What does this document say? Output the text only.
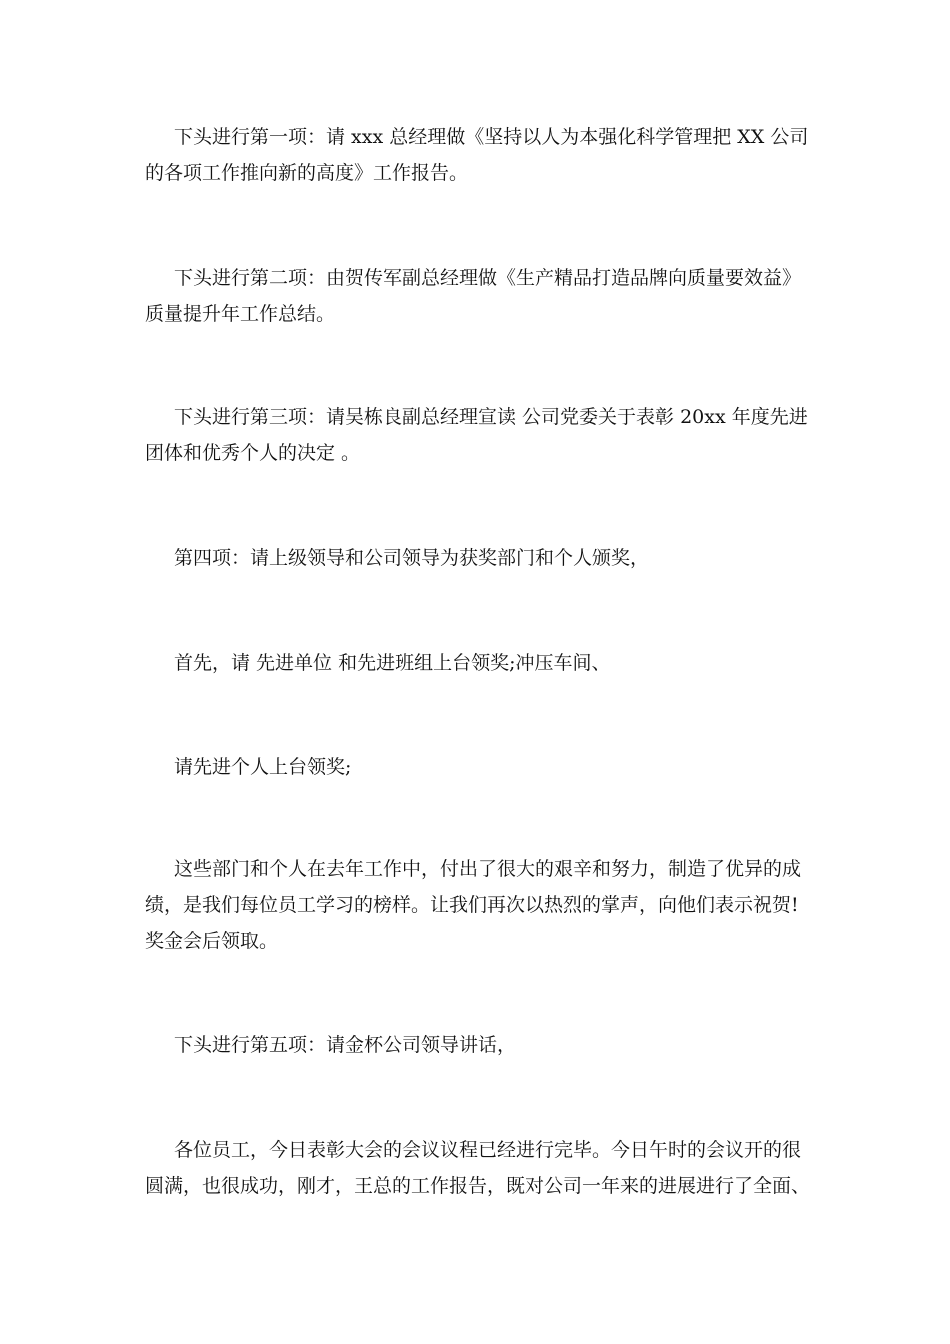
下头进行第一项：请 xxx 总经理做《坚持以人为本强化科学管理把 XX 公司
的各项工作推向新的高度》工作报告。
下头进行第二项：由贺传军副总经理做《生产精品打造品牌向质量要效益》
质量提升年工作总结。
下头进行第三项：请吴栋良副总经理宣读 公司党委关于表彰 20xx 年度先进
团体和优秀个人的决定 。
第四项：请上级领导和公司领导为获奖部门和个人颁奖，
首先，请 先进单位 和先进班组上台领奖;冲压车间、
请先进个人上台领奖;
这些部门和个人在去年工作中，付出了很大的艰辛和努力，制造了优异的成
绩，是我们每位员工学习的榜样。让我们再次以热烈的掌声，向他们表示祝贺!
奖金会后领取。
下头进行第五项：请金杯公司领导讲话，
各位员工，今日表彰大会的会议议程已经进行完毕。今日午时的会议开的很
圆满，也很成功，刚才，王总的工作报告，既对公司一年来的进展进行了全面、
